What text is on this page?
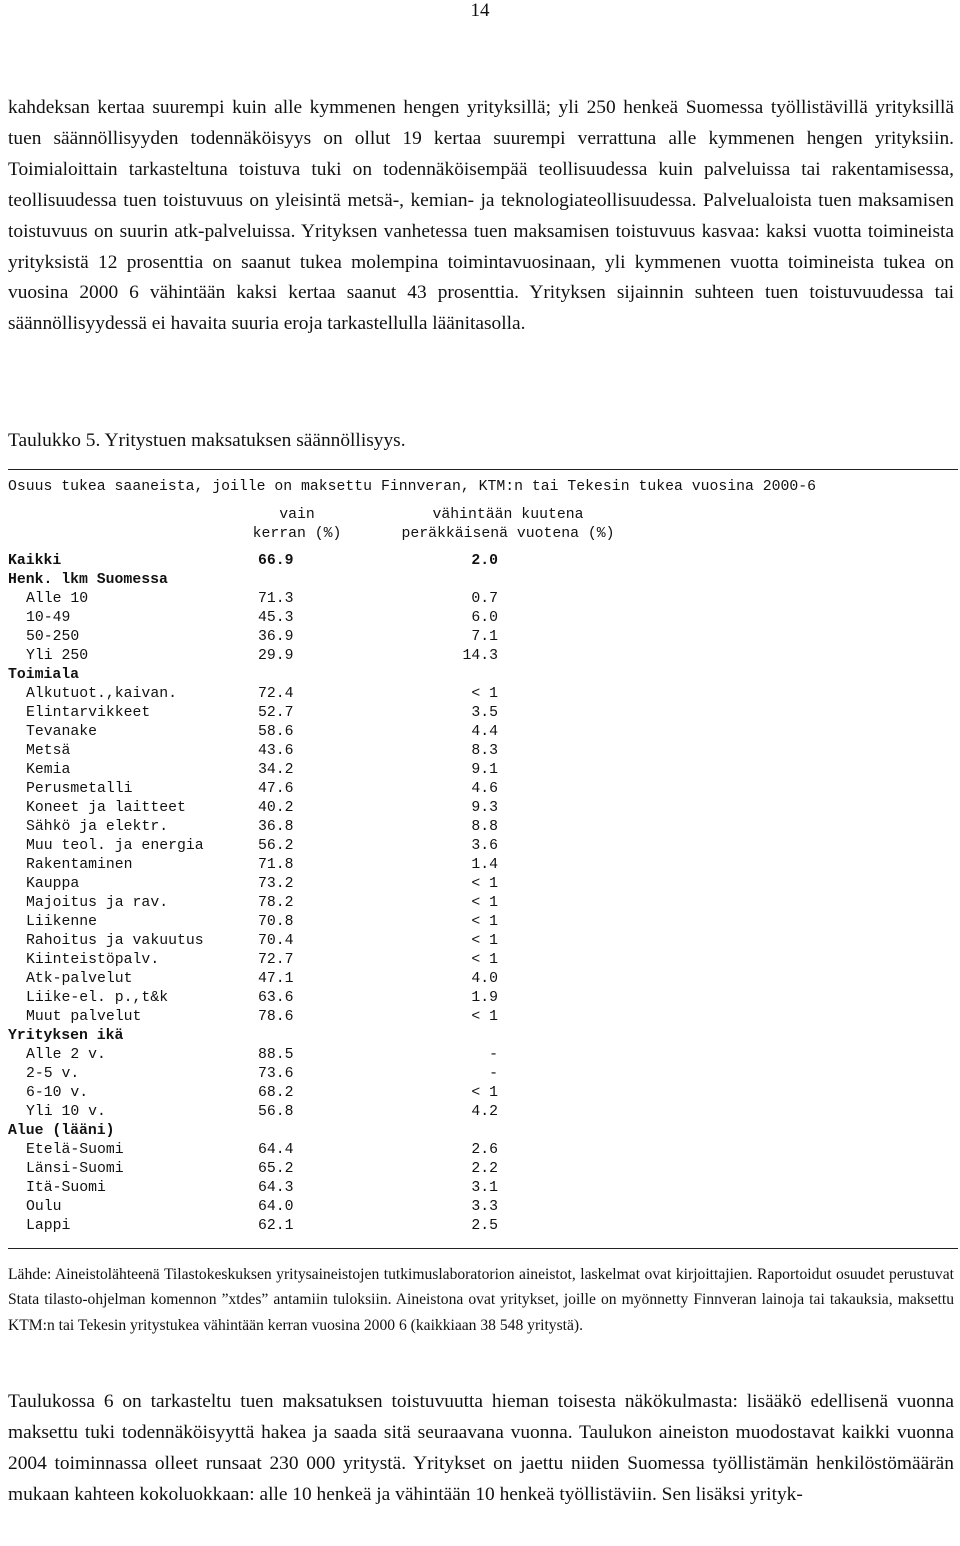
14

kahdeksan kertaa suurempi kuin alle kymmenen hengen yrityksillä; yli 250 henkeä Suomessa työllistävillä yrityksillä tuen säännöllisyyden todennäköisyys on ollut 19 kertaa suurempi verrattuna alle kymmenen hengen yrityksiin. Toimialoittain tarkasteltuna toistuva tuki on todennäköisempää teollisuudessa kuin palveluissa tai rakentamisessa, teollisuudessa tuen toistuvuus on yleisintä metsä-, kemian- ja teknologiateollisuudessa. Palvelualoista tuen maksamisen toistuvuus on suurin atk-palveluissa. Yrityksen vanhetessa tuen maksamisen toistuvuus kasvaa: kaksi vuotta toimineista yrityksistä 12 prosenttia on saanut tukea molempina toimintavuosinaan, yli kymmenen vuotta toimineista tukea on vuosina 2000 6 vähintään kaksi kertaa saanut 43 prosenttia. Yrityksen sijainnin suhteen tuen toistuvuudessa tai säännöllisyydessä ei havaita suuria eroja tarkastellulla läänitasolla.

Taulukko 5. Yritystuen maksatuksen säännöllisyys.

Osuus tukea saaneista, joille on maksettu Finnveran, KTM:n tai Tekesin tukea vuosina 2000-6
vain
kerran (%)
vähintään kuutena
peräkkäisenä vuotena (%)
Kaikki	66.9	2.0
Henk. lkm Suomessa
Alle 10	71.3	0.7
10-49	45.3	6.0
50-250	36.9	7.1
Yli 250	29.9	14.3
Toimiala
Alkutuot.,kaivan.	72.4	< 1
Elintarvikkeet	52.7	3.5
Tevanake	58.6	4.4
Metsä	43.6	8.3
Kemia	34.2	9.1
Perusmetalli	47.6	4.6
Koneet ja laitteet	40.2	9.3
Sähkö ja elektr.	36.8	8.8
Muu teol. ja energia	56.2	3.6
Rakentaminen	71.8	1.4
Kauppa	73.2	< 1
Majoitus ja rav.	78.2	< 1
Liikenne	70.8	< 1
Rahoitus ja vakuutus	70.4	< 1
Kiinteistöpalv.	72.7	< 1
Atk-palvelut	47.1	4.0
Liike-el. p.,t&k	63.6	1.9
Muut palvelut	78.6	< 1
Yrityksen ikä
Alle 2 v.	88.5	-
2-5 v.	73.6	-
6-10 v.	68.2	< 1
Yli 10 v.	56.8	4.2
Alue (lääni)
Etelä-Suomi	64.4	2.6
Länsi-Suomi	65.2	2.2
Itä-Suomi	64.3	3.1
Oulu	64.0	3.3
Lappi	62.1	2.5

Lähde: Aineistolähteenä Tilastokeskuksen yritysaineistojen tutkimuslaboratorion aineistot, laskelmat ovat kirjoittajien. Raportoidut osuudet perustuvat Stata tilasto-ohjelman komennon ”xtdes” antamiin tuloksiin. Aineistona ovat yritykset, joille on myönnetty Finnveran lainoja tai takauksia, maksettu KTM:n tai Tekesin yritystukea vähintään kerran vuosina 2000 6 (kaikkiaan 38 548 yritystä).

Taulukossa 6 on tarkasteltu tuen maksatuksen toistuvuutta hieman toisesta näkökulmasta: lisääkö edellisenä vuonna maksettu tuki todennäköisyyttä hakea ja saada sitä seuraavana vuonna. Taulukon aineiston muodostavat kaikki vuonna 2004 toiminnassa olleet runsaat 230 000 yritystä. Yritykset on jaettu niiden Suomessa työllistämän henkilöstömäärän mukaan kahteen kokoluokkaan: alle 10 henkeä ja vähintään 10 henkeä työllistäviin. Sen lisäksi yrityk-
